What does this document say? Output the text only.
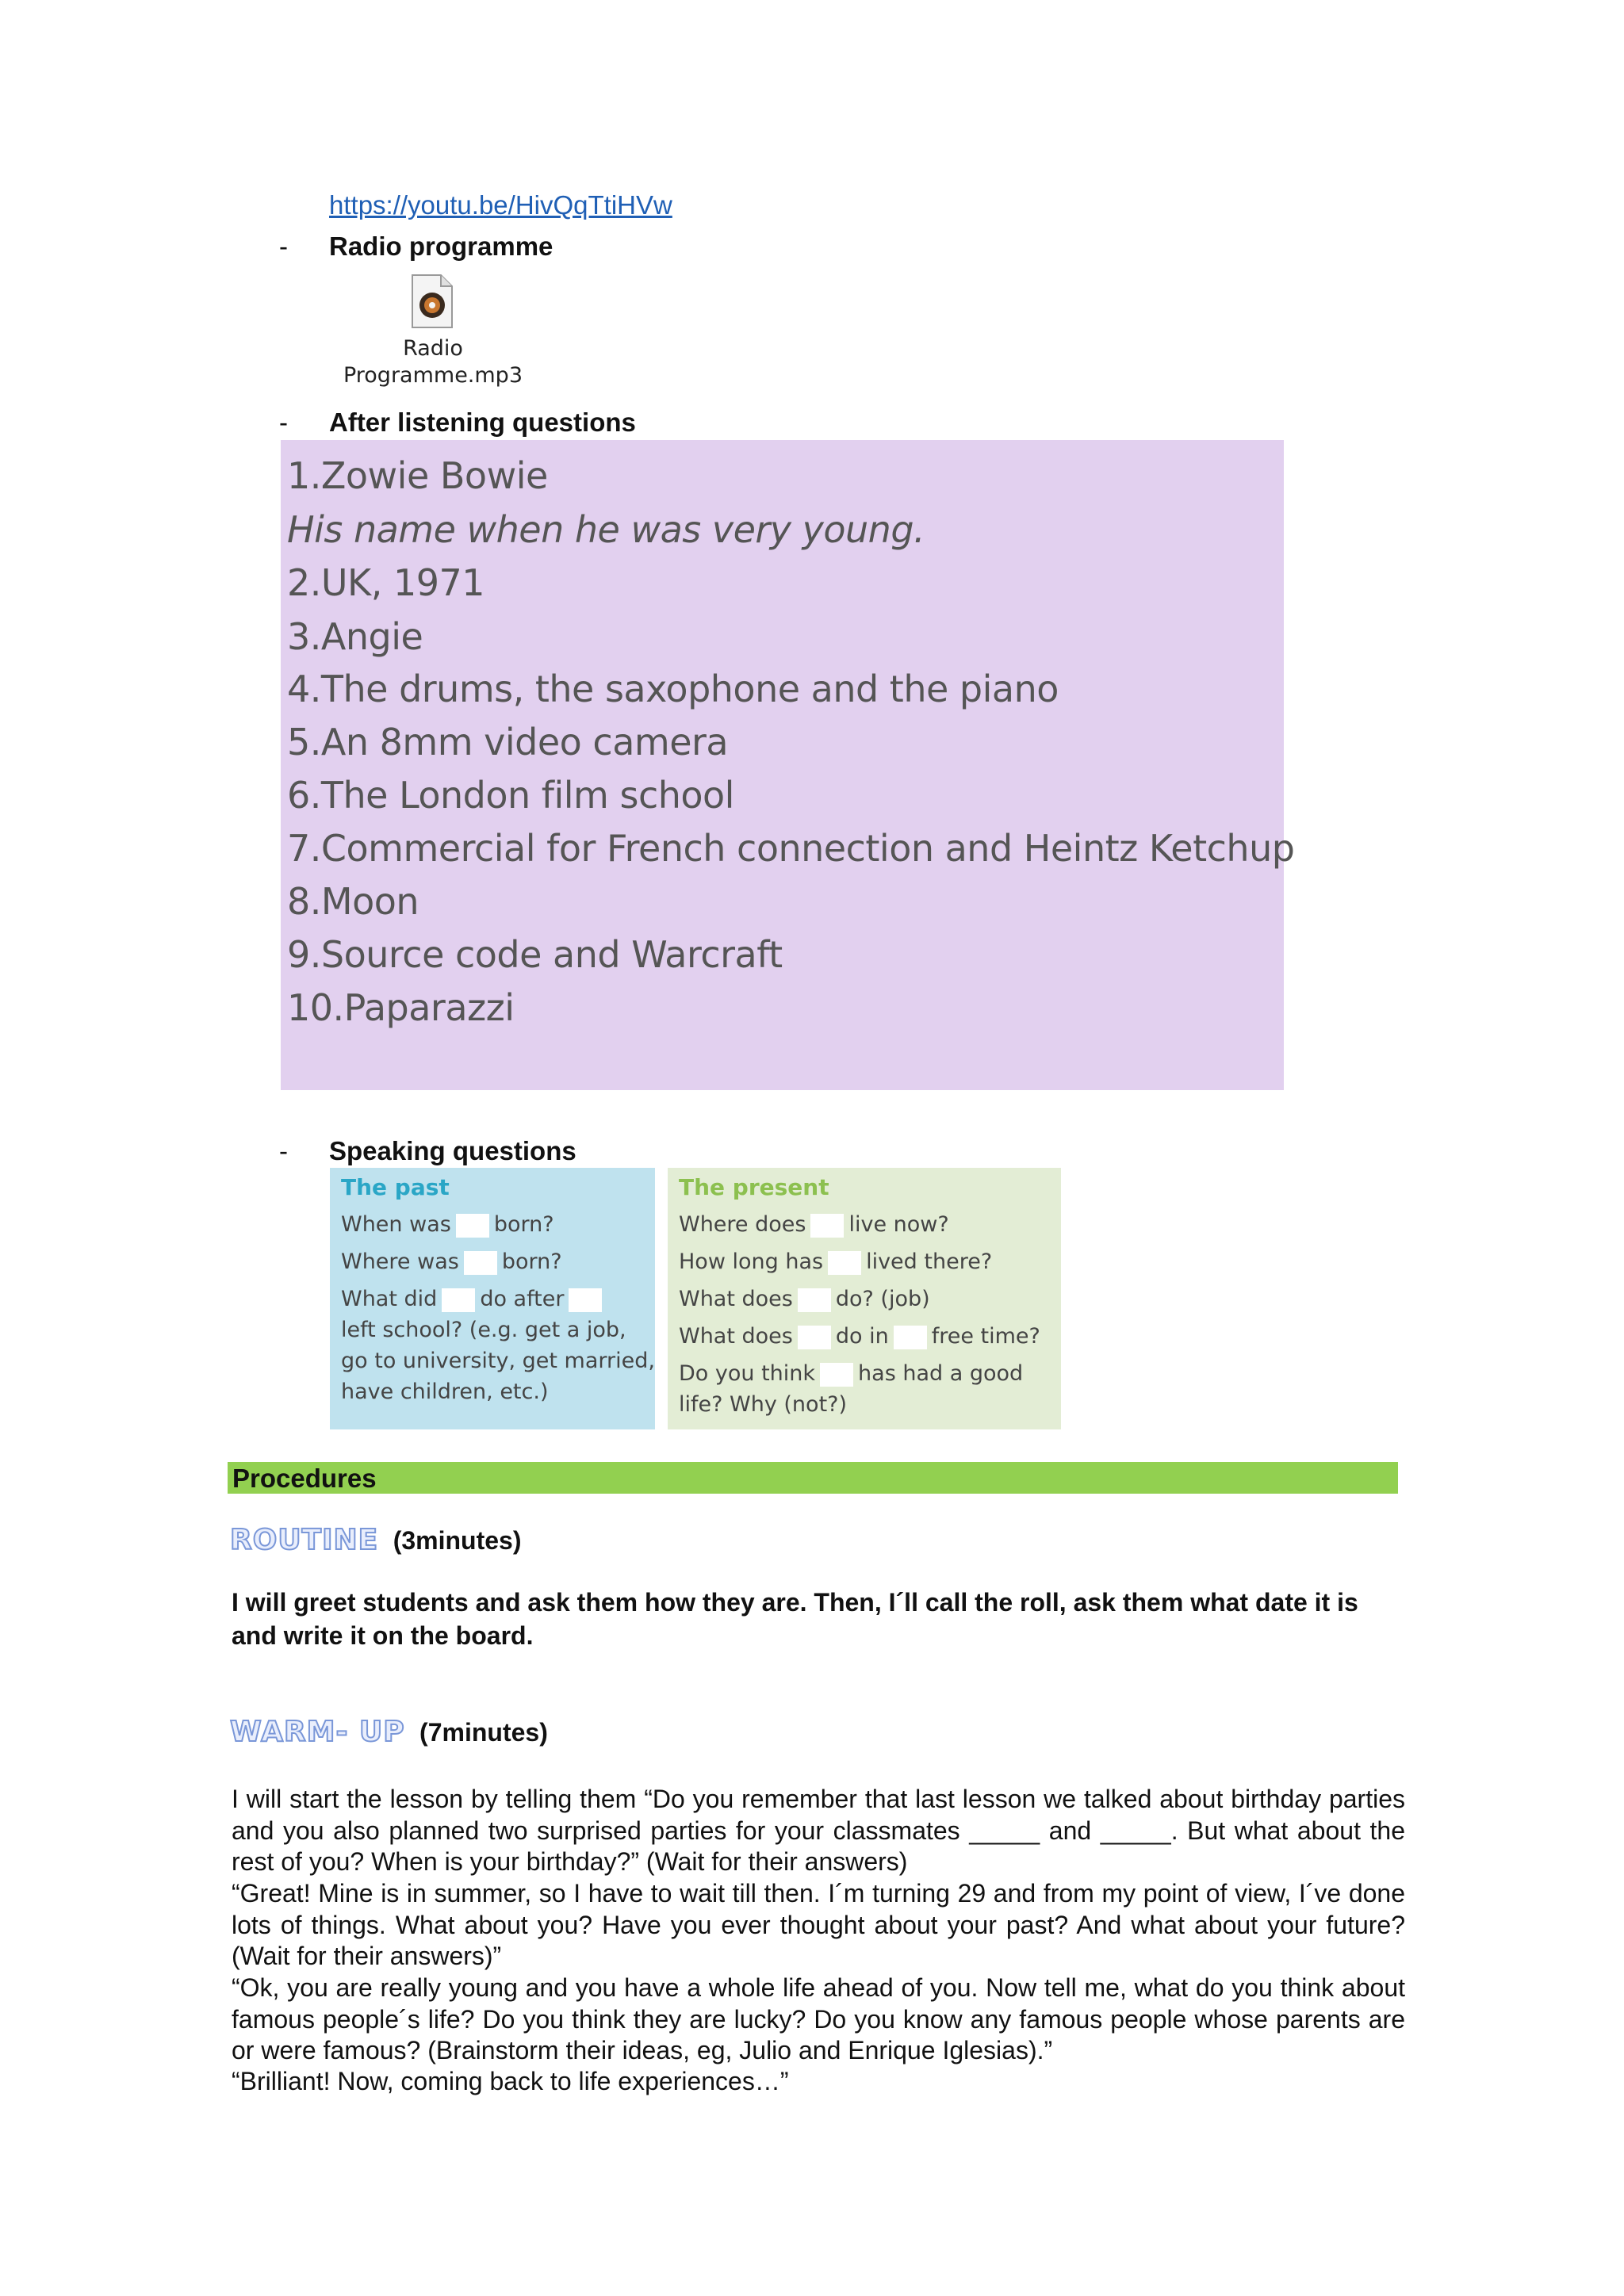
https://youtu.be/HivQqTtiHVw
- Radio programme
Radio
Programme.mp3
- After listening questions
1.Zowie Bowie
His name when he was very young.
2.UK, 1971
3.Angie
4.The drums, the saxophone and the piano
5.An 8mm video camera
6.The London film school
7.Commercial for French connection and Heintz Ketchup
8.Moon
9.Source code and Warcraft
10.Paparazzi
- Speaking questions
The past
When was born?
Where was born?
What did do after
left school? (e.g. get a job,
go to university, get married,
have children, etc.)
The present
Where does live now?
How long has lived there?
What does do? (job)
What does do in free time?
Do you think has had a good
life? Why (not?)
Procedures
ROUTINE (3minutes)
I will greet students and ask them how they are. Then, I´ll call the roll, ask them what date it is and write it on the board.
WARM- UP (7minutes)
I will start the lesson by telling them “Do you remember that last lesson we talked about birthday parties and you also planned two surprised parties for your classmates _____ and _____. But what about the rest of you? When is your birthday?” (Wait for their answers)
“Great! Mine is in summer, so I have to wait till then. I´m turning 29 and from my point of view, I´ve done lots of things. What about you? Have you ever thought about your past? And what about your future? (Wait for their answers)”
“Ok, you are really young and you have a whole life ahead of you. Now tell me, what do you think about famous people´s life? Do you think they are lucky? Do you know any famous people whose parents are or were famous? (Brainstorm their ideas, eg, Julio and Enrique Iglesias).”
“Brilliant! Now, coming back to life experiences…”
